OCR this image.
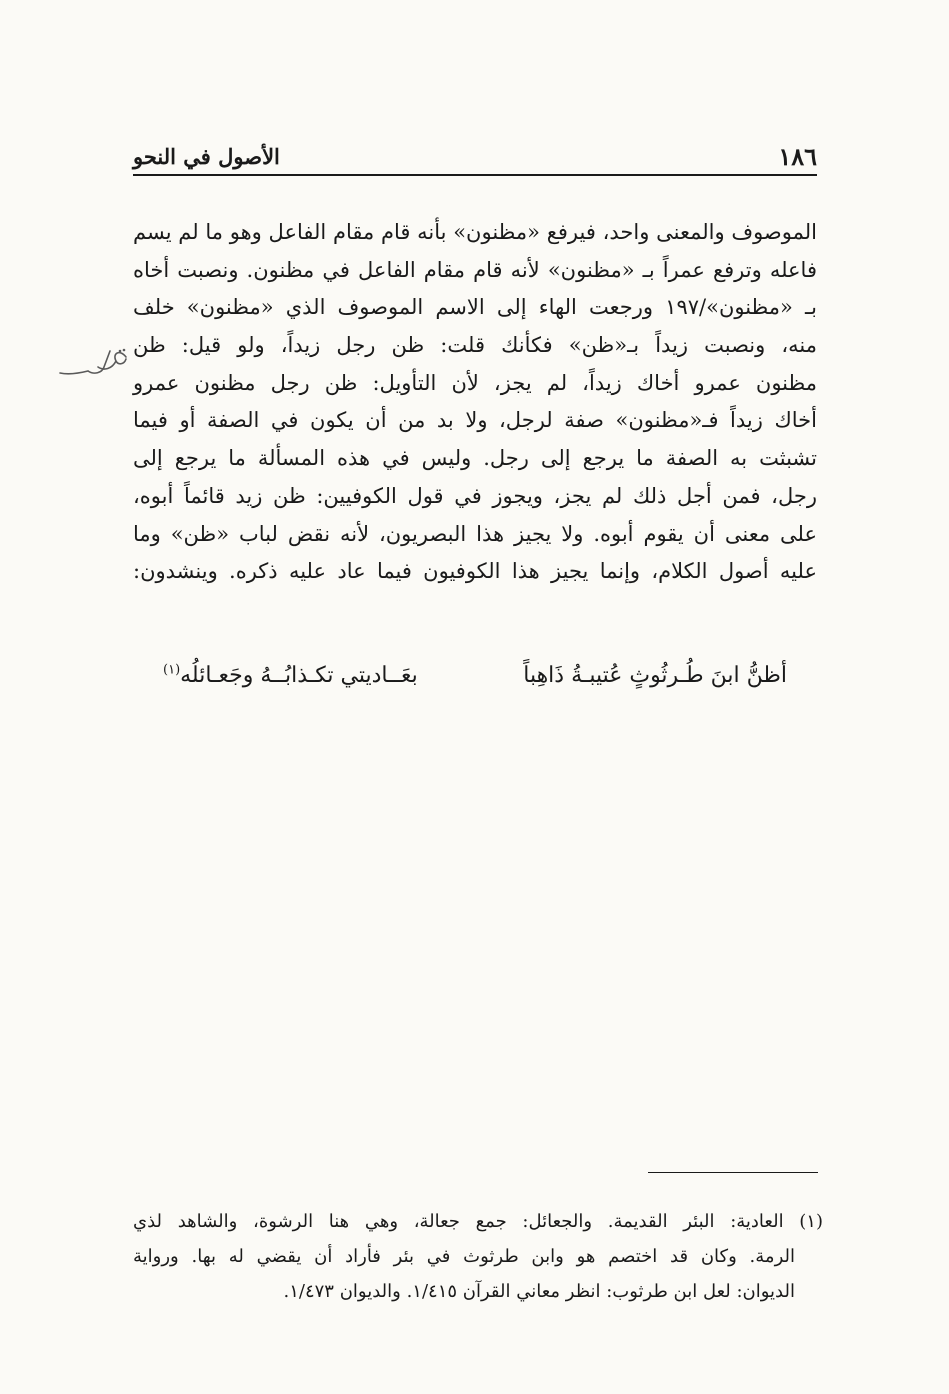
١٨٦
الأصول في النحو
الموصوف والمعنى واحد، فيرفع «مظنون» بأنه قام مقام الفاعل وهو ما لم يسم
فاعله وترفع عمراً بـ «مظنون» لأنه قام مقام الفاعل في مظنون. ونصبت أخاه
بـ «مظنون»/١٩٧ ورجعت الهاء إلى الاسم الموصوف الذي «مظنون» خلف
منه، ونصبت زيداً بـ«ظن» فكأنك قلت: ظن رجل زيداً، ولو قيل: ظن
مظنون عمرو أخاك زيداً، لم يجز، لأن التأويل: ظن رجل مظنون عمرو
أخاك زيداً فـ«مظنون» صفة لرجل، ولا بد من أن يكون في الصفة أو فيما
تشبثت به الصفة ما يرجع إلى رجل. وليس في هذه المسألة ما يرجع إلى
رجل، فمن أجل ذلك لم يجز، ويجوز في قول الكوفيين: ظن زيد قائماً أبوه،
على معنى أن يقوم أبوه. ولا يجيز هذا البصريون، لأنه نقض لباب «ظن» وما
عليه أصول الكلام، وإنما يجيز هذا الكوفيون فيما عاد عليه ذكره. وينشدون:
أظنُّ ابنَ طُـرثُوثٍ عُتيبـةُ ذَاهِباً
بعَــاديتي تكـذابُــهُ وجَعـائلُه$^{(١)}$
(١) العادية: البئر القديمة. والجعائل: جمع جعالة، وهي هنا الرشوة، والشاهد لذي
الرمة. وكان قد اختصم هو وابن طرثوث في بئر فأراد أن يقضي له بها. ورواية
الديوان: لعل ابن طرثوب: انظر معاني القرآن ١/٤١٥. والديوان ١/٤٧٣.
